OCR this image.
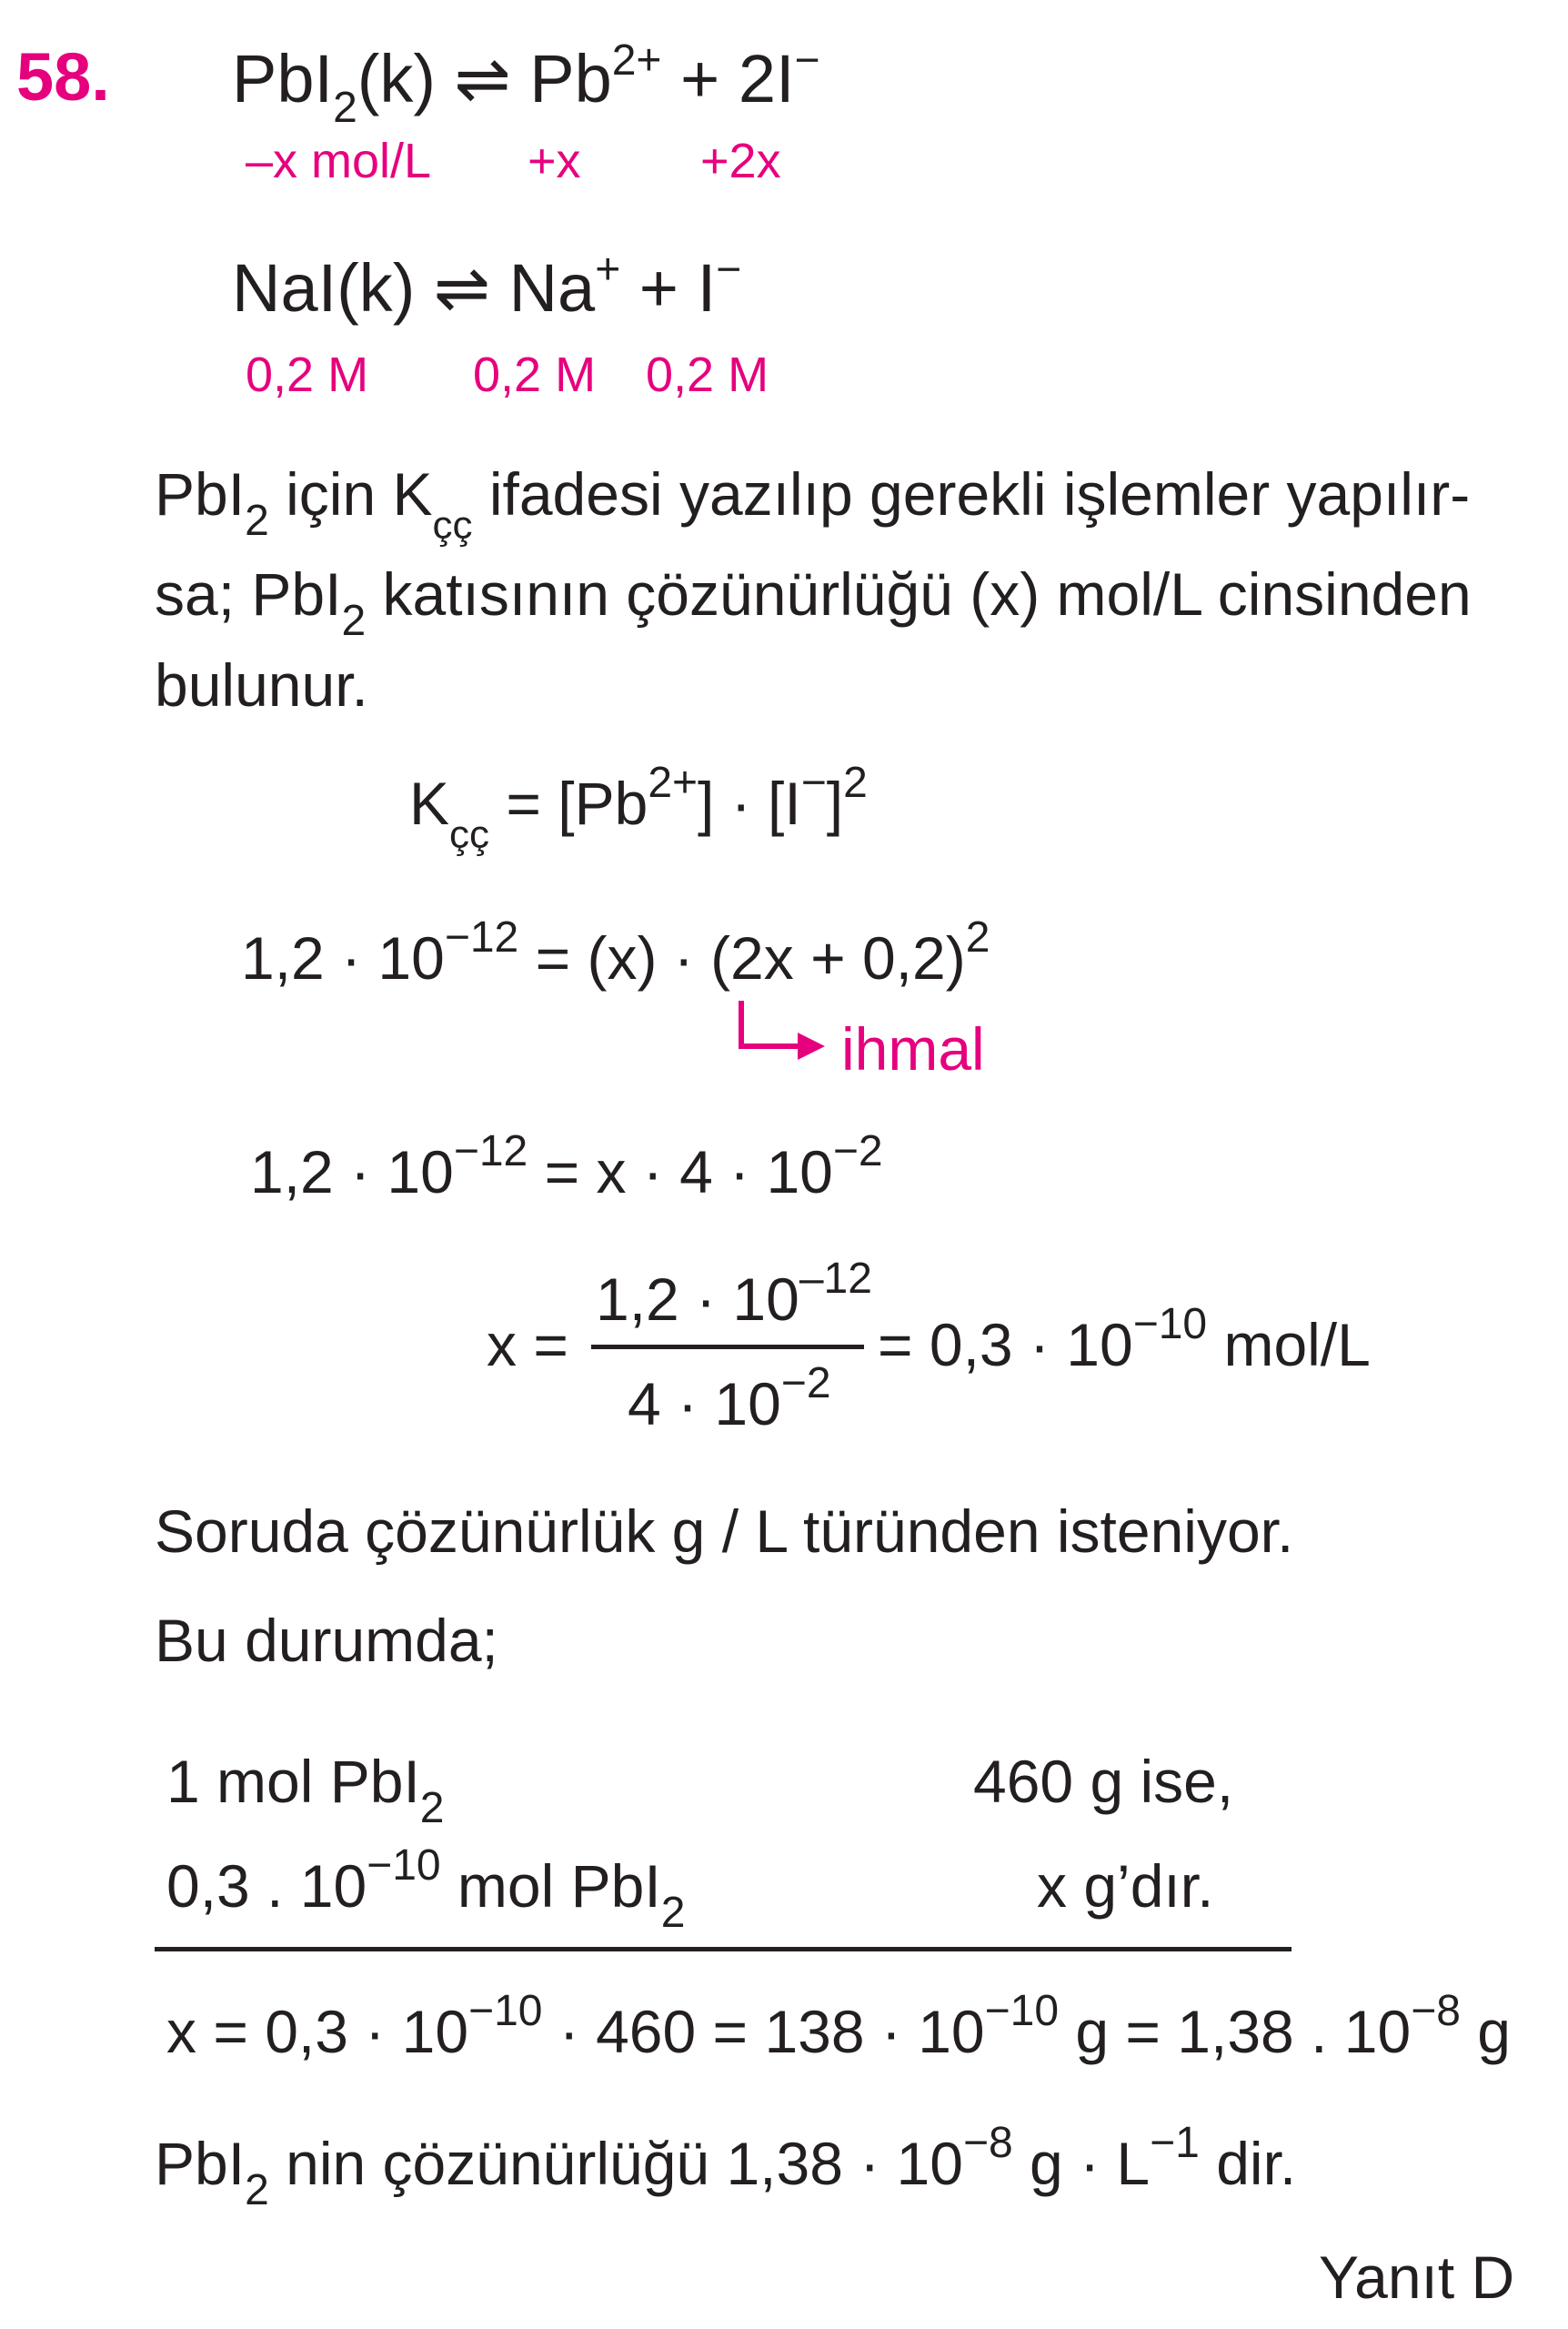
58. PbI$_2$(k) ⇌ $Pb^{2+} + 2I^-$
–x mol/L +x +2x
NaI(k) ⇌ Na+ + I−
0,2 M 0,2 M 0,2 M
PbI$_2$ için $K_{çç}$ ifadesi yazılıp gerekli işlemler yapılır-
sa; PbI$_2$ katısının çözünürlüğü (x) mol/L cinsinden
bulunur.
$K_{çç} = [Pb^{2+}] \cdot [I^-]^2$
$1,2 \cdot 10^{-12} = (x) \cdot (2x + 0,2)^2$
ihmal
$1,2 \cdot 10^{-12} = x \cdot 4 \cdot 10^{-2}$
x =
$1,2 \cdot 10^{-12}$
$4 \cdot 10^{-2}$
= $0,3 \cdot 10^{-10}$ mol/L
Soruda çözünürlük g / L türünden isteniyor.
Bu durumda;
1 mol PbI$_2$	460 g ise,
0,3 . $10^{-10}$ mol PbI$_2$	x g’dır.
$x = 0,3 \cdot 10^{-10} \cdot 460 = 138 \cdot 10^{-10}$ g = 1,38 . $10^{-8}$ g
PbI$_2$ nin çözünürlüğü $1,38 \cdot 10^{-8}$ $g \cdot L^{-1}$ dir.
Yanıt D
